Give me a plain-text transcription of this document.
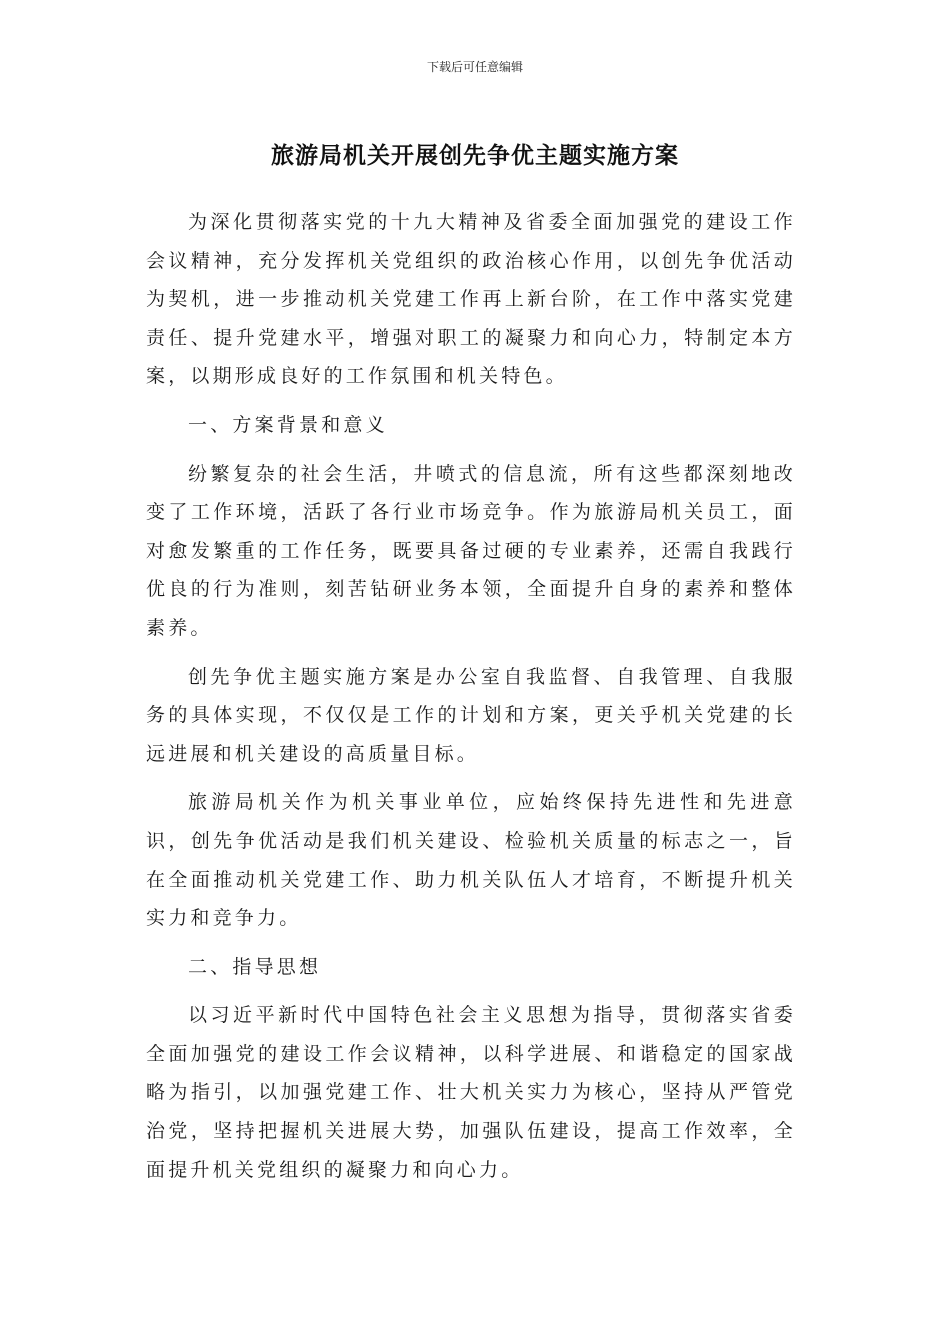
下载后可任意编辑
旅游局机关开展创先争优主题实施方案

为深化贯彻落实党的十九大精神及省委全面加强党的建设工作会议精神，充分发挥机关党组织的政治核心作用，以创先争优活动为契机，进一步推动机关党建工作再上新台阶，在工作中落实党建责任、提升党建水平，增强对职工的凝聚力和向心力，特制定本方案，以期形成良好的工作氛围和机关特色。

一、方案背景和意义

纷繁复杂的社会生活，井喷式的信息流，所有这些都深刻地改变了工作环境，活跃了各行业市场竞争。作为旅游局机关员工，面对愈发繁重的工作任务，既要具备过硬的专业素养，还需自我践行优良的行为准则，刻苦钻研业务本领，全面提升自身的素养和整体素养。

创先争优主题实施方案是办公室自我监督、自我管理、自我服务的具体实现，不仅仅是工作的计划和方案，更关乎机关党建的长远进展和机关建设的高质量目标。

旅游局机关作为机关事业单位，应始终保持先进性和先进意识，创先争优活动是我们机关建设、检验机关质量的标志之一，旨在全面推动机关党建工作、助力机关队伍人才培育，不断提升机关实力和竞争力。

二、指导思想

以习近平新时代中国特色社会主义思想为指导，贯彻落实省委全面加强党的建设工作会议精神，以科学进展、和谐稳定的国家战略为指引，以加强党建工作、壮大机关实力为核心，坚持从严管党治党，坚持把握机关进展大势，加强队伍建设，提高工作效率，全面提升机关党组织的凝聚力和向心力。
